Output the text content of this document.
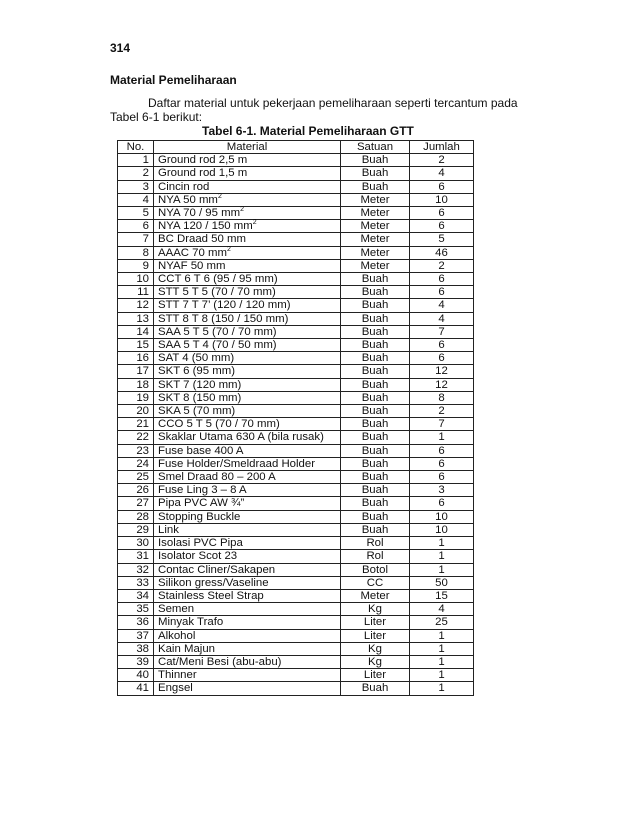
314
Material Pemeliharaan
Daftar material untuk pekerjaan pemeliharaan seperti tercantum pada
Tabel 6-1 berikut:
Tabel 6-1. Material Pemeliharaan GTT
No.	Material	Satuan	Jumlah
1	Ground rod 2,5 m	Buah	2
2	Ground rod 1,5 m	Buah	4
3	Cincin rod	Buah	6
4	NYA 50 $mm^2$	Meter	10
5	NYA 70 / 95 $mm^2$	Meter	6
6	NYA 120 / 150 $mm^2$	Meter	6
7	BC Draad 50 mm	Meter	5
8	AAAC 70 $mm^2$	Meter	46
9	NYAF 50 mm	Meter	2
10	CCT 6 T 6 (95 / 95 mm)	Buah	6
11	STT 5 T 5 (70 / 70 mm)	Buah	6
12	STT 7 T 7’ (120 / 120 mm)	Buah	4
13	STT 8 T 8 (150 / 150 mm)	Buah	4
14	SAA 5 T 5 (70 / 70 mm)	Buah	7
15	SAA 5 T 4 (70 / 50 mm)	Buah	6
16	SAT 4 (50 mm)	Buah	6
17	SKT 6 (95 mm)	Buah	12
18	SKT 7 (120 mm)	Buah	12
19	SKT 8 (150 mm)	Buah	8
20	SKA 5 (70 mm)	Buah	2
21	CCO 5 T 5 (70 / 70 mm)	Buah	7
22	Skaklar Utama 630 A (bila rusak)	Buah	1
23	Fuse base 400 A	Buah	6
24	Fuse Holder/Smeldraad Holder	Buah	6
25	Smel Draad 80 – 200 A	Buah	6
26	Fuse Ling 3 – 8 A	Buah	3
27	Pipa PVC AW ¾”	Buah	6
28	Stopping Buckle	Buah	10
29	Link	Buah	10
30	Isolasi PVC Pipa	Rol	1
31	Isolator Scot 23	Rol	1
32	Contac Cliner/Sakapen	Botol	1
33	Silikon gress/Vaseline	CC	50
34	Stainless Steel Strap	Meter	15
35	Semen	Kg	4
36	Minyak Trafo	Liter	25
37	Alkohol	Liter	1
38	Kain Majun	Kg	1
39	Cat/Meni Besi (abu-abu)	Kg	1
40	Thinner	Liter	1
41	Engsel	Buah	1
